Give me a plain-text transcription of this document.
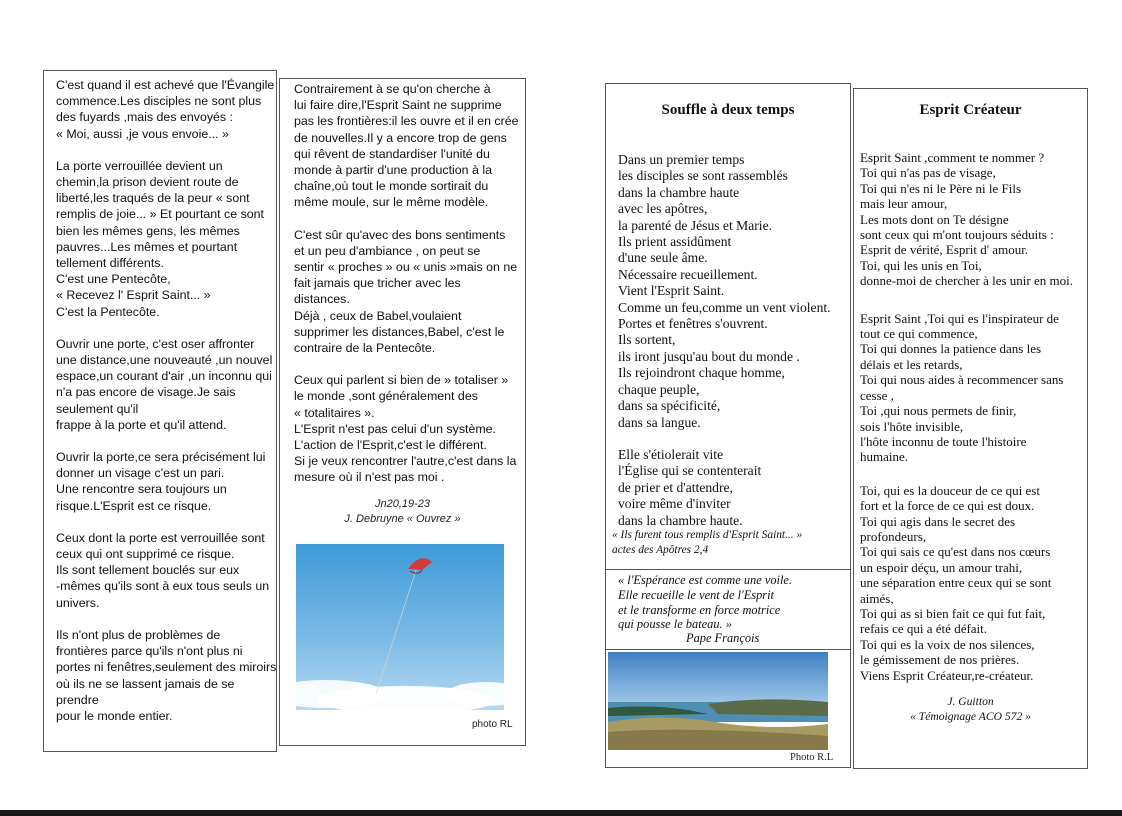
C'est quand il est achevé que l'Évangile
commence.Les disciples ne sont plus
des fuyards ,mais des envoyés :
« Moi, aussi ,je vous envoie... »

La porte verrouillée devient un
chemin,la prison devient route de
liberté,les traqués de la peur « sont
remplis de joie... » Et pourtant ce sont
bien les mêmes gens, les mêmes
pauvres...Les mêmes et pourtant
tellement différents.
C'est une Pentecôte,
« Recevez l' Esprit Saint... »
C'est la Pentecôte.

Ouvrir une porte, c'est oser affronter
une distance,une nouveauté ,un nouvel
espace,un courant d'air ,un inconnu qui
n'a pas encore de visage.Je sais
seulement qu'il
frappe à la porte et qu'il attend.

Ouvrir la porte,ce sera précisément lui
donner un visage c'est un pari.
Une rencontre sera toujours un
risque.L'Esprit est ce risque.

Ceux dont la porte est verrouillée sont
ceux qui ont supprimé ce risque.
Ils sont tellement bouclés sur eux
-mêmes qu'ils sont à eux tous seuls un
univers.

Ils n'ont plus de problèmes de
frontières parce qu'ils n'ont plus ni
portes ni fenêtres,seulement des miroirs
où ils ne se lassent jamais de se prendre
pour le monde entier.

Contrairement à se qu'on cherche à
lui faire dire,l'Esprit Saint ne supprime
pas les frontières:il les ouvre et il en crée
de nouvelles.Il y a encore trop de gens
qui rêvent de standardiser l'unité du
monde à partir d'une production à la
chaîne,où tout le monde sortirait du
même moule, sur le même modèle.

C'est sûr qu'avec des bons sentiments
et un peu d'ambiance , on peut se
sentir « proches » ou « unis »mais on ne
fait jamais que tricher avec les
distances.
Déjà , ceux de Babel,voulaient
supprimer les distances,Babel, c'est le
contraire de la Pentecôte.

Ceux qui parlent si bien de » totaliser »
le monde ,sont généralement des
« totalitaires ».
L'Esprit n'est pas celui d'un système.
L'action de l'Esprit,c'est le différent.
Si je veux rencontrer l'autre,c'est dans la
mesure où il n'est pas moi .

Jn20,19-23
J. Debruyne « Ouvrez »
photo RL
Souffle à deux temps

Dans un premier temps
les disciples se sont rassemblés
dans la chambre haute
avec les apôtres,
la parenté de Jésus et Marie.
Ils prient assidûment
d'une seule âme.
Nécessaire recueillement.
Vient l'Esprit Saint.
Comme un feu,comme un vent violent.
Portes et fenêtres s'ouvrent.
Ils sortent,
ils iront jusqu'au bout du monde .
Ils rejoindront chaque homme,
chaque peuple,
dans sa spécificité,
dans sa langue.

Elle s'étiolerait vite
l'Église qui se contenterait
de prier et d'attendre,
voire même d'inviter
dans la chambre haute.

« Ils furent tous remplis d'Esprit Saint... »
actes des Apôtres 2,4
« l'Espérance est comme une voile.
Elle recueille le vent de l'Esprit
et le transforme en force motrice
qui pousse le bateau. »
Pape François
Photo R.L
Esprit Créateur

Esprit Saint ,comment te nommer ?
Toi qui n'as pas de visage,
Toi qui n'es ni le Père ni le Fils
mais leur amour,
Les mots dont on Te désigne
sont ceux qui m'ont toujours séduits :
Esprit de vérité, Esprit d' amour.
Toi, qui les unis en Toi,
donne-moi de chercher à les unir en moi.

Esprit Saint ,Toi qui es l'inspirateur de
tout ce qui commence,
Toi qui donnes la patience dans les
délais et les retards,
Toi qui nous aides à recommencer sans
cesse ,
Toi ,qui nous permets de finir,
sois l'hôte invisible,
l'hôte inconnu de toute l'histoire
humaine.

Toi, qui es la douceur de ce qui est
fort et la force de ce qui est doux.
Toi qui agis dans le secret des
profondeurs,
Toi qui sais ce qu'est dans nos cœurs
un espoir déçu, un amour trahi,
une séparation entre ceux qui se sont
aimés,
Toi qui as si bien fait ce qui fut fait,
refais ce qui a été défait.
Toi qui es la voix de nos silences,
le gémissement de nos prières.
Viens Esprit Créateur,re-créateur.

J. Guitton
« Témoignage ACO 572 »
